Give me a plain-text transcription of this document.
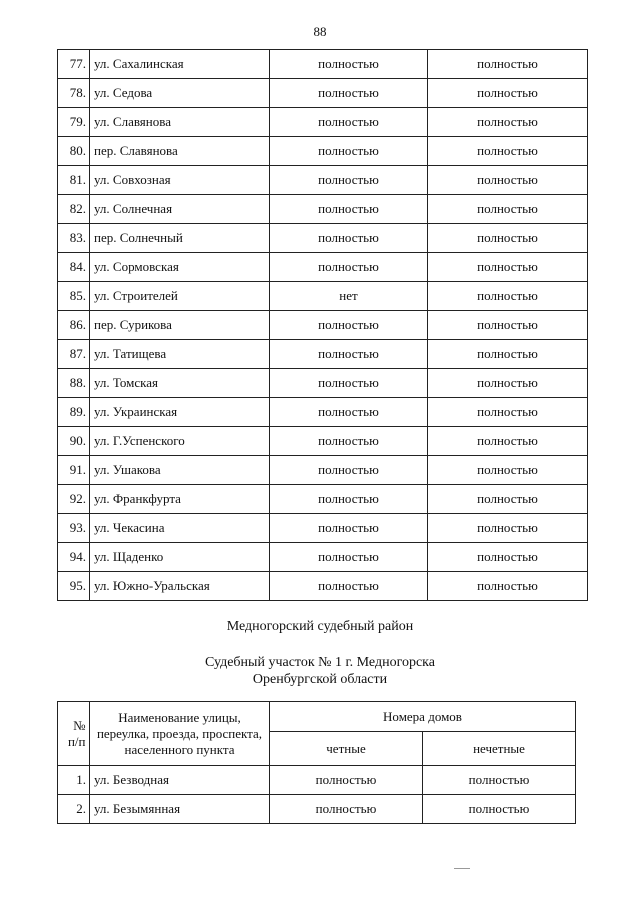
88
77.	ул. Сахалинская	полностью	полностью
78.	ул. Седова	полностью	полностью
79.	ул. Славянова	полностью	полностью
80.	пер. Славянова	полностью	полностью
81.	ул. Совхозная	полностью	полностью
82.	ул. Солнечная	полностью	полностью
83.	пер. Солнечный	полностью	полностью
84.	ул. Сормовская	полностью	полностью
85.	ул. Строителей	нет	полностью
86.	пер. Сурикова	полностью	полностью
87.	ул. Татищева	полностью	полностью
88.	ул. Томская	полностью	полностью
89.	ул. Украинская	полностью	полностью
90.	ул. Г.Успенского	полностью	полностью
91.	ул. Ушакова	полностью	полностью
92.	ул. Франкфурта	полностью	полностью
93.	ул. Чекасина	полностью	полностью
94.	ул. Щаденко	полностью	полностью
95.	ул. Южно-Уральская	полностью	полностью
Медногорский судебный район
Судебный участок № 1 г. Медногорска
Оренбургской области
№ п/п	Наименование улицы, переулка, проезда, проспекта, населенного пункта	Номера домов	
		четные	нечетные
1.	ул. Безводная	полностью	полностью
2.	ул. Безымянная	полностью	полностью
